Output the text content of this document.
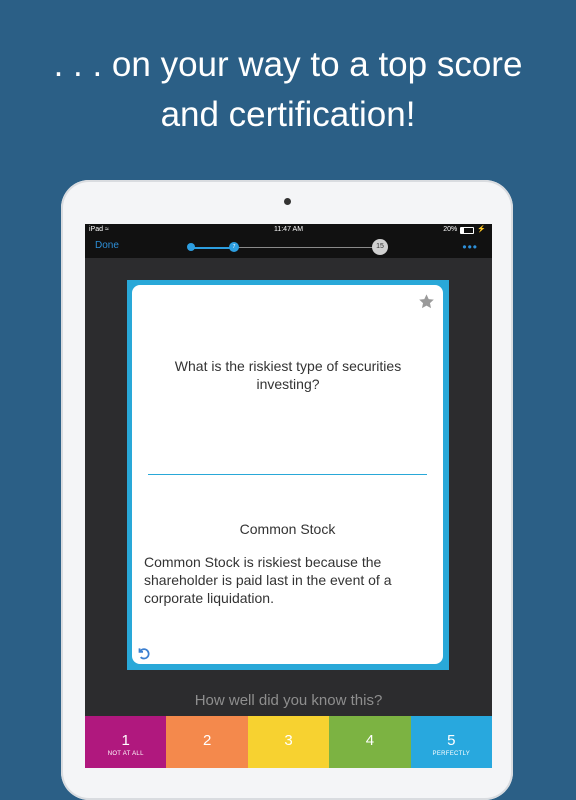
. . . on your way to a top score
and certification!
iPad ≈	11:47 AM	20%	⚡
Done	7	15	•••
What is the riskiest type of securities investing?
Common Stock
Common Stock is riskiest because the shareholder is paid last in the event of a corporate liquidation.
How well did you know this?
1
NOT AT ALL
2	3	4	5
PERFECTLY
